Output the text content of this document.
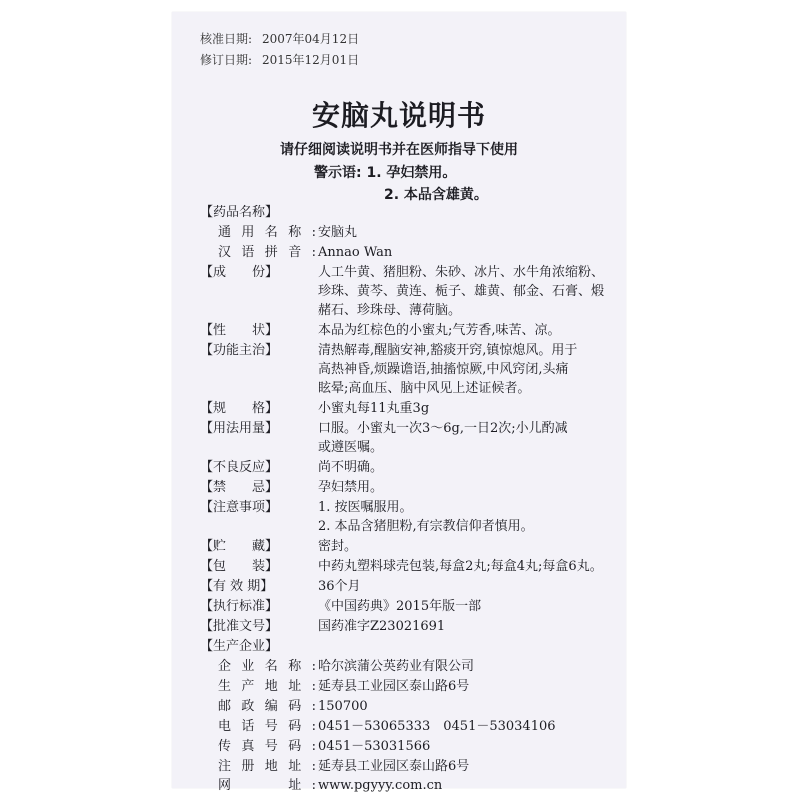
核准日期: 2007年04月12日
修订日期: 2015年12月01日
安脑丸说明书
请仔细阅读说明书并在医师指导下使用
警示语: 1. 孕妇禁用。
2. 本品含雄黄。
【药品名称】
通用名称: 安脑丸
汉语拼音: Annao Wan
【成　　份】	人工牛黄、猪胆粉、朱砂、冰片、水牛角浓缩粉、
珍珠、黄芩、黄连、栀子、雄黄、郁金、石膏、煅
赭石、珍珠母、薄荷脑。
【性　　状】	本品为红棕色的小蜜丸;气芳香,味苦、凉。
【功能主治】	清热解毒,醒脑安神,豁痰开窍,镇惊熄风。用于
高热神昏,烦躁谵语,抽搐惊厥,中风窍闭,头痛
眩晕;高血压、脑中风见上述证候者。
【规　　格】	小蜜丸每11丸重3g
【用法用量】	口服。小蜜丸一次3～6g,一日2次;小儿酌减
或遵医嘱。
【不良反应】	尚不明确。
【禁　　忌】	孕妇禁用。
【注意事项】	1. 按医嘱服用。
2. 本品含猪胆粉,有宗教信仰者慎用。
【贮　　藏】	密封。
【包　　装】	中药丸塑料球壳包装,每盒2丸;每盒4丸;每盒6丸。
【有 效 期】	36个月
【执行标准】	《中国药典》2015年版一部
【批准文号】	国药准字Z23021691
【生产企业】
企业名称: 哈尔滨蒲公英药业有限公司
生产地址: 延寿县工业园区泰山路6号
邮政编码: 150700
电话号码: 0451－53065333　0451－53034106
传真号码: 0451－53031566
注册地址: 延寿县工业园区泰山路6号
网　　址: www.pgyyy.com.cn
